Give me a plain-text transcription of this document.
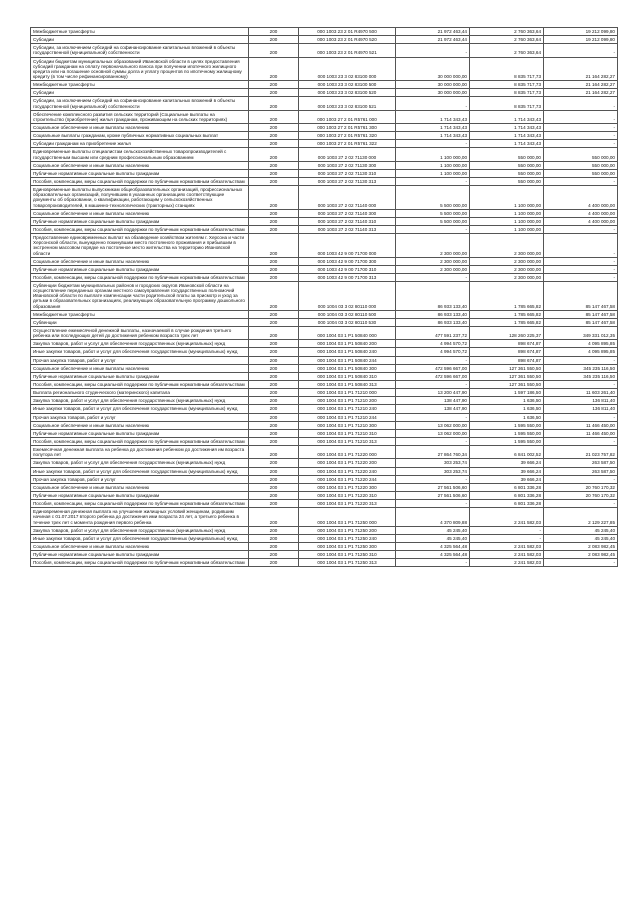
Межбюджетные трансферты	200	000 1003 23 2 01 R4970 500	21 972 463,44	2 760 363,64	19 212 099,80
Субсидии	200	000 1003 23 2 01 R4970 520	21 972 463,44	2 760 363,64	19 212 099,80
Субсидии, за исключением субсидий на софинансирование капитальных вложений в объекты государственной (муниципальной) собственности	200	000 1003 23 2 01 R4970 521	-	2 760 363,64	-
Субсидии бюджетам муниципальных образований Ивановской области в целях предоставления субсидий гражданам на оплату первоначального взноса при получении ипотечного жилищного кредита или на погашение основной суммы долга и уплату процентов по ипотечному жилищному кредиту (в том числе рефинансированному)	200	000 1003 23 3 02 83100 000	30 000 000,00	8 835 717,73	21 164 282,27
Межбюджетные трансферты	200	000 1003 23 3 02 83100 500	30 000 000,00	8 835 717,73	21 164 282,27
Субсидии	200	000 1003 23 3 02 83100 520	30 000 000,00	8 835 717,73	21 164 282,27
Субсидии, за исключением субсидий на софинансирование капитальных вложений в объекты государственной (муниципальной) собственности	200	000 1003 23 3 02 83100 521	-	8 835 717,73	-
Обеспечение комплексного развития сельских территорий (Социальные выплаты на строительство (приобретение) жилья гражданам, проживающим на сельских территориях)	200	000 1003 27 2 01 R5761 000	1 714 343,43	1 714 343,43	-
Социальное обеспечение и иные выплаты населению	200	000 1003 27 2 01 R5761 300	1 714 343,43	1 714 343,43	-
Социальные выплаты гражданам, кроме публичных нормативных социальных выплат	200	000 1003 27 2 01 R5761 320	1 714 343,43	1 714 343,43	-
Субсидии гражданам на приобретение жилья	200	000 1003 27 2 01 R5761 322	-	1 714 343,43	-
Единовременные выплаты специалистам сельскохозяйственных товаропроизводителей с государственным высшим или средним профессиональным образованием	200	000 1003 27 2 02 71130 000	1 100 000,00	550 000,00	550 000,00
Социальное обеспечение и иные выплаты населению	200	000 1003 27 2 02 71130 300	1 100 000,00	550 000,00	550 000,00
Публичные нормативные социальные выплаты гражданам	200	000 1003 27 2 02 71130 310	1 100 000,00	550 000,00	550 000,00
Пособия, компенсации, меры социальной поддержки по публичным нормативным обязательствам	200	000 1003 27 2 02 71130 313	-	550 000,00	-
Единовременные выплаты выпускникам общеобразовательных организаций, профессиональных образовательных организаций, получившим в указанных организациях соответствующие документы об образовании, о квалификации, работающим у сельскохозяйственных товаропроизводителей, в машинно-технологических (тракторных) станциях	200	000 1003 27 2 02 71140 000	5 500 000,00	1 100 000,00	4 400 000,00
Социальное обеспечение и иные выплаты населению	200	000 1003 27 2 02 71140 300	5 500 000,00	1 100 000,00	4 400 000,00
Публичные нормативные социальные выплаты гражданам	200	000 1003 27 2 02 71140 310	5 500 000,00	1 100 000,00	4 400 000,00
Пособия, компенсации, меры социальной поддержки по публичным нормативным обязательствам	200	000 1003 27 2 02 71140 313	-	1 100 000,00	-
Предоставление единовременных выплат на обзаведение хозяйством жителям г. Херсона и части Херсонской области, вынужденно покинувшим место постоянного проживания и прибывшим в экстренном массовом порядке на постоянное место жительства на территорию Ивановской области	200	000 1003 42 9 00 71700 000	2 300 000,00	2 300 000,00	-
Социальное обеспечение и иные выплаты населению	200	000 1003 42 9 00 71700 300	2 300 000,00	2 300 000,00	-
Публичные нормативные социальные выплаты гражданам	200	000 1003 42 9 00 71700 310	2 300 000,00	2 300 000,00	-
Пособия, компенсации, меры социальной поддержки по публичным нормативным обязательствам	200	000 1003 42 9 00 71700 313	-	2 300 000,00	-
Субвенции бюджетам муниципальных районов и городских округов Ивановской области на осуществление переданных органам местного самоуправления государственных полномочий Ивановской области по выплате компенсации части родительской платы за присмотр и уход за детьми в образовательных организациях, реализующих образовательную программу дошкольного образования	200	000 1004 03 3 02 80110 000	86 933 133,40	1 785 665,82	85 147 467,58
Межбюджетные трансферты	200	000 1004 03 3 02 80110 500	86 933 133,40	1 785 665,82	85 147 467,58
Субвенции	200	000 1004 03 3 02 80110 530	86 933 133,40	1 785 665,82	85 147 467,58
Осуществление ежемесячной денежной выплаты, назначаемой в случае рождения третьего ребенка или последующих детей до достижения ребенком возраста трех лет	200	000 1004 03 1 P1 50840 000	477 591 237,72	128 260 225,37	349 331 012,35
Закупка товаров, работ и услуг для обеспечения государственных (муниципальных) нужд	200	000 1004 03 1 P1 50840 200	4 994 570,72	898 674,87	4 095 895,85
Иные закупки товаров, работ и услуг для обеспечения государственных (муниципальных) нужд	200	000 1004 03 1 P1 50840 240	4 994 570,72	898 674,87	4 095 895,85
Прочая закупка товаров, работ и услуг	200	000 1004 03 1 P1 50840 244	-	898 674,87	-
Социальное обеспечение и иные выплаты населению	200	000 1004 03 1 P1 50840 300	472 596 667,00	127 361 550,50	345 235 116,50
Публичные нормативные социальные выплаты гражданам	200	000 1004 03 1 P1 50840 310	472 596 667,00	127 361 550,50	345 235 116,50
Пособия, компенсации, меры социальной поддержки по публичным нормативным обязательствам	200	000 1004 03 1 P1 50840 313	-	127 361 550,50	-
Выплата регионального студенческого (материнского) капитала	200	000 1004 03 1 P1 71210 000	13 200 447,90	1 597 186,50	11 603 261,40
Закупка товаров, работ и услуг для обеспечения государственных (муниципальных) нужд	200	000 1004 03 1 P1 71210 200	138 447,90	1 636,50	136 811,40
Иные закупки товаров, работ и услуг для обеспечения государственных (муниципальных) нужд	200	000 1004 03 1 P1 71210 240	138 447,90	1 636,50	136 811,40
Прочая закупка товаров, работ и услуг	200	000 1004 03 1 P1 71210 244	-	1 636,50	-
Социальное обеспечение и иные выплаты населению	200	000 1004 03 1 P1 71210 300	13 062 000,00	1 595 550,00	11 466 450,00
Публичные нормативные социальные выплаты гражданам	200	000 1004 03 1 P1 71210 310	13 062 000,00	1 595 550,00	11 466 450,00
Пособия, компенсации, меры социальной поддержки по публичным нормативным обязательствам	200	000 1004 03 1 P1 71210 313	-	1 595 550,00	-
Ежемесячная денежная выплата на ребенка до достижения ребенком до достижения им возраста полутора лет	200	000 1004 03 1 P1 71220 000	27 864 760,34	6 841 002,52	21 023 757,82
Закупка товаров, работ и услуг для обеспечения государственных (муниципальных) нужд	200	000 1004 03 1 P1 71220 200	303 253,74	39 666,24	263 587,50
Иные закупки товаров, работ и услуг для обеспечения государственных (муниципальных) нужд	200	000 1004 03 1 P1 71220 240	303 253,74	39 666,24	263 587,50
Прочая закупка товаров, работ и услуг	200	000 1004 03 1 P1 71220 244	-	39 666,24	-
Социальное обеспечение и иные выплаты населению	200	000 1004 03 1 P1 71220 300	27 561 506,60	6 801 336,28	20 760 170,32
Публичные нормативные социальные выплаты гражданам	200	000 1004 03 1 P1 71220 310	27 561 506,60	6 801 336,28	20 760 170,32
Пособия, компенсации, меры социальной поддержки по публичным нормативным обязательствам	200	000 1004 03 1 P1 71220 313	-	6 801 336,28	-
Единовременная денежная выплата на улучшение жилищных условий женщинам, родившим начиная с 01.07.2017 второго ребенка до достижения ими возраста 24 лет, а третьего ребенка в течение трех лет с момента рождения первого ребенка	200	000 1004 03 1 P1 71250 000	4 370 809,88	2 241 582,03	2 129 227,85
Закупка товаров, работ и услуг для обеспечения государственных (муниципальных) нужд	200	000 1004 03 1 P1 71250 200	45 245,40	-	45 245,40
Иные закупки товаров, работ и услуг для обеспечения государственных (муниципальных) нужд	200	000 1004 03 1 P1 71250 240	45 245,40	-	45 245,40
Социальное обеспечение и иные выплаты населению	200	000 1004 03 1 P1 71250 300	4 325 564,48	2 241 582,03	2 083 982,45
Публичные нормативные социальные выплаты гражданам	200	000 1004 03 1 P1 71250 310	4 325 564,48	2 241 582,03	2 083 982,45
Пособия, компенсации, меры социальной поддержки по публичным нормативным обязательствам	200	000 1004 03 1 P1 71250 313	-	2 241 582,03	-
